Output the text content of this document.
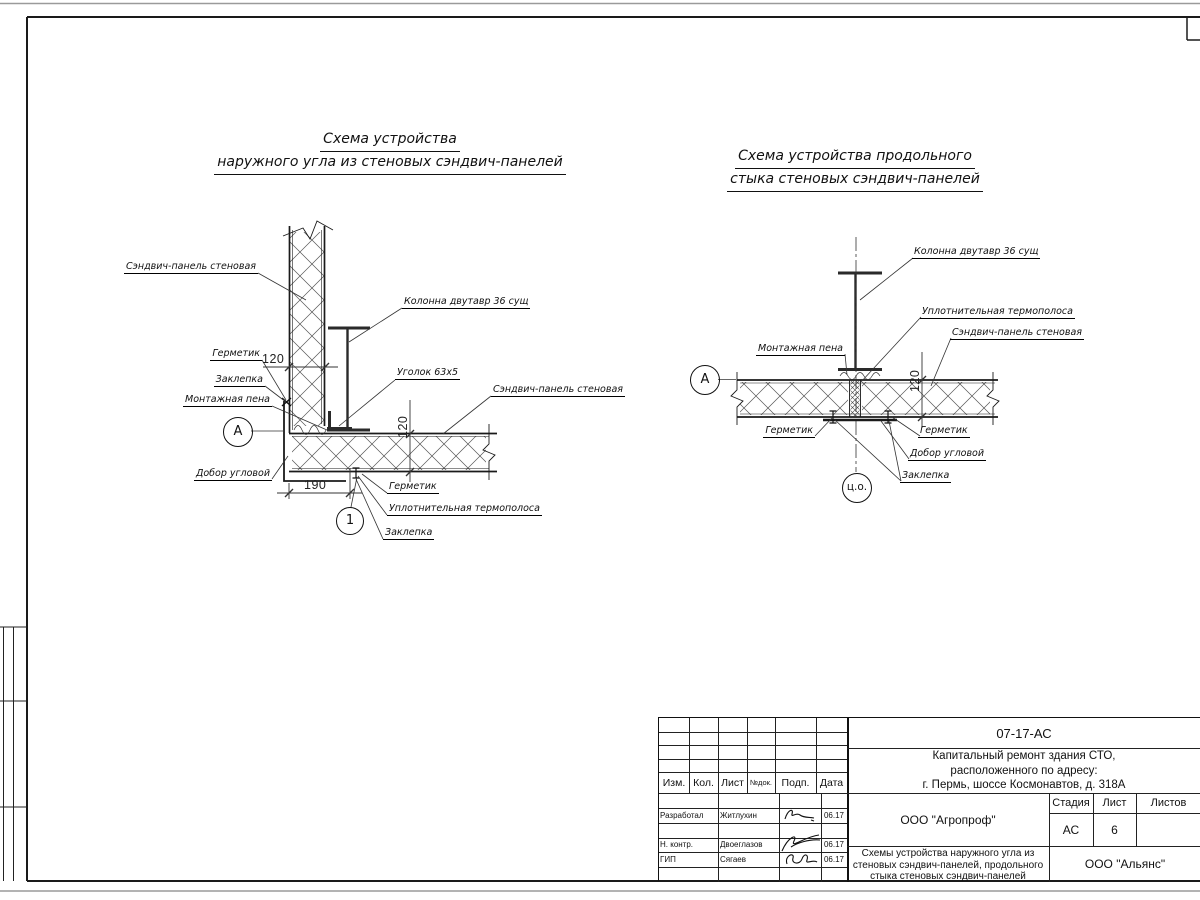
Схема устройства
наружного угла из стеновых сэндвич-панелей	Схема устройства продольного
стыка стеновых сэндвич-панелей
Сэндвич-панель стеновая
Колонна двутавр 36 сущ
Герметик
Заклепка
Монтажная пена
Уголок 63х5
Сэндвич-панель стеновая
Добор угловой
Герметик
Уплотнительная термополоса
Заклепка
120
120
190
А
1
Колонна двутавр 36 сущ
Уплотнительная термополоса
Сэндвич-панель стеновая
Монтажная пена
Герметик	Герметик
Добор угловой
Заклепка
120
А
ц.о.
Изм. Кол. Лист №док. Подп. Дата
Разработал	Житлухин	06.17
Н. контр.	Двоеглазов	06.17
ГИП	Сягаев	06.17
07-17-АС
Капитальный ремонт здания СТО,
расположенного по адресу:
г. Пермь, шоссе Космонавтов, д. 318А
ООО "Агропроф"
Стадия	Лист	Листов
АС	6
Схемы устройства наружного угла из
стеновых сэндвич-панелей, продольного
стыка стеновых сэндвич-панелей
ООО "Альянс"
